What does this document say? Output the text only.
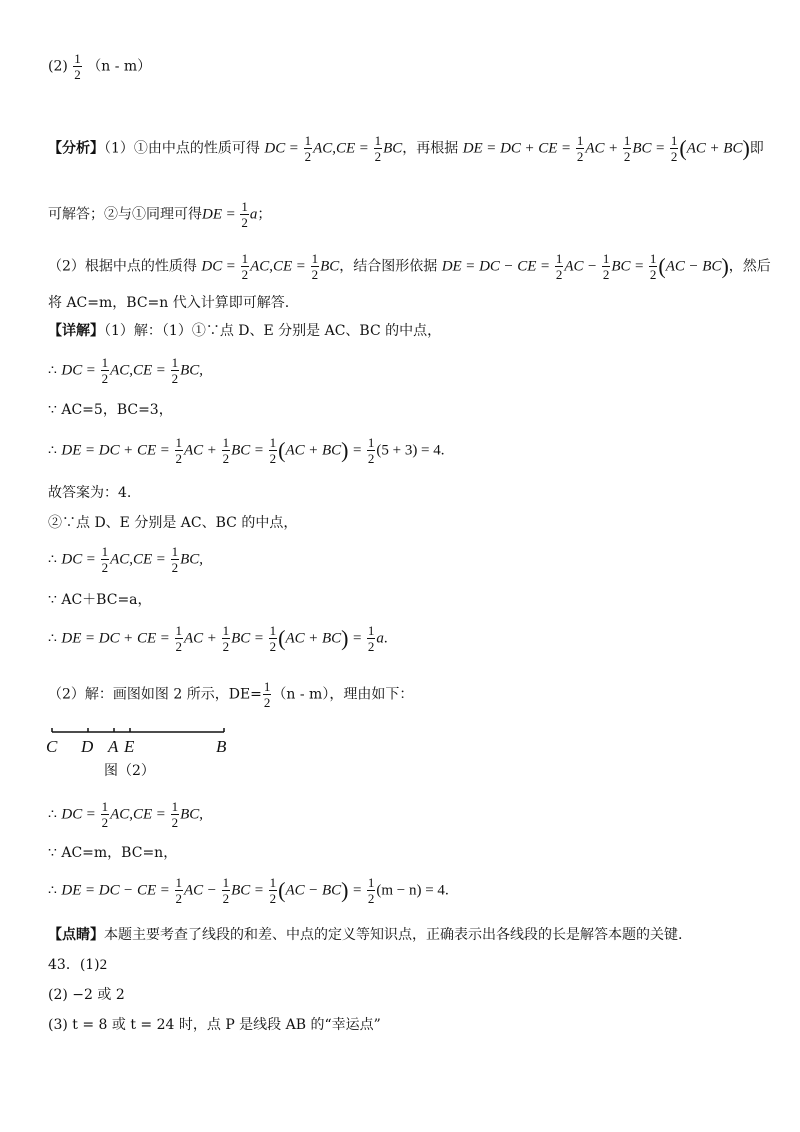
$(2) \frac{1}{2} (n - m)$
【分析】（1）①由中点的性质可得 DC = $\frac{1}{2} AC,CE = \frac{1}{2}$ BC，再根据 DE = DC + CE = $\frac{1}{2}$ AC + $\frac{1}{2}$ BC = $\frac{1}{2} (AC + BC)$即
可解答；②与①同理可得DE = $\frac{1}{2}$ a；
（2）根据中点的性质得 DC = $\frac{1}{2} AC,CE = \frac{1}{2}$ BC，结合图形依据 DE = DC − CE = $\frac{1}{2}$ AC − $\frac{1}{2}$ BC = $\frac{1}{2} (AC - BC)$，然后
将 AC=m，BC=n 代入计算即可解答.
【详解】（1）解：（1）①∵点 D、E 分别是 AC、BC 的中点，
∴ DC = $\frac{1}{2} AC,CE = \frac{1}{2}$ BC,
∵ AC=5，BC=3，
∴ DE = DC + CE = $\frac{1}{2}$ AC + $\frac{1}{2}$ BC = $\frac{1}{2} (AC + BC) = \frac{1}{2} (5 + 3) = 4$.
故答案为：4.
②∵点 D、E 分别是 AC、BC 的中点，
∴ DC = $\frac{1}{2} AC,CE = \frac{1}{2}$ BC,
∵ AC＋BC=a，
∴ DE = DC + CE = $\frac{1}{2}$ AC + $\frac{1}{2}$ BC = $\frac{1}{2} (AC + BC) = \frac{1}{2} a$.
（2）解：画图如图 2 所示，$DE= \frac{1}{2} (n - m)$，理由如下：
C D A E	B
图（2）
∴ DC = $\frac{1}{2} AC,CE = \frac{1}{2}$ BC,
∵ AC=m，BC=n，
∴ DE = DC − CE = $\frac{1}{2}$ AC − $\frac{1}{2}$ BC = $\frac{1}{2} (AC - BC) = \frac{1}{2} (m - n) = 4$.
【点睛】本题主要考查了线段的和差、中点的定义等知识点，正确表示出各线段的长是解答本题的关键.
43．(1)2
(2) −2 或 2
(3) t = 8 或 t = 24 时，点 P 是线段 AB 的“幸运点”
